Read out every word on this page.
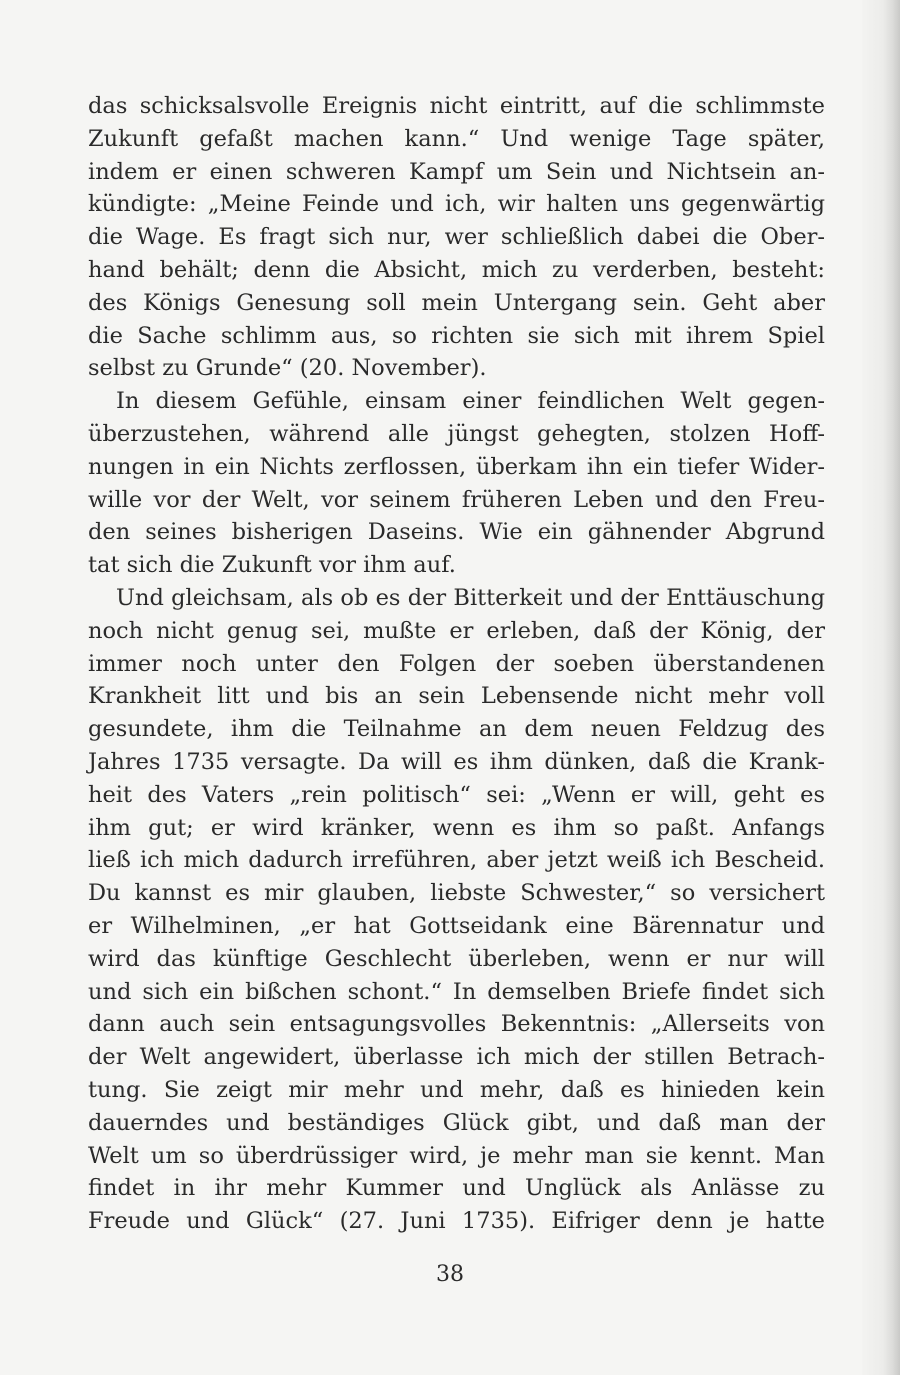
das schicksalsvolle Ereignis nicht eintritt, auf die schlimmste
Zukunft gefaßt machen kann.“ Und wenige Tage später,
indem er einen schweren Kampf um Sein und Nichtsein an-
kündigte: „Meine Feinde und ich, wir halten uns gegenwärtig
die Wage. Es fragt sich nur, wer schließlich dabei die Ober-
hand behält; denn die Absicht, mich zu verderben, besteht:
des Königs Genesung soll mein Untergang sein. Geht aber
die Sache schlimm aus, so richten sie sich mit ihrem Spiel
selbst zu Grunde“ (20. November).
In diesem Gefühle, einsam einer feindlichen Welt gegen-
überzustehen, während alle jüngst gehegten, stolzen Hoff-
nungen in ein Nichts zerflossen, überkam ihn ein tiefer Wider-
wille vor der Welt, vor seinem früheren Leben und den Freu-
den seines bisherigen Daseins. Wie ein gähnender Abgrund
tat sich die Zukunft vor ihm auf.
Und gleichsam, als ob es der Bitterkeit und der Enttäuschung
noch nicht genug sei, mußte er erleben, daß der König, der
immer noch unter den Folgen der soeben überstandenen
Krankheit litt und bis an sein Lebensende nicht mehr voll
gesundete, ihm die Teilnahme an dem neuen Feldzug des
Jahres 1735 versagte. Da will es ihm dünken, daß die Krank-
heit des Vaters „rein politisch“ sei: „Wenn er will, geht es
ihm gut; er wird kränker, wenn es ihm so paßt. Anfangs
ließ ich mich dadurch irreführen, aber jetzt weiß ich Bescheid.
Du kannst es mir glauben, liebste Schwester,“ so versichert
er Wilhelminen, „er hat Gottseidank eine Bärennatur und
wird das künftige Geschlecht überleben, wenn er nur will
und sich ein bißchen schont.“ In demselben Briefe findet sich
dann auch sein entsagungsvolles Bekenntnis: „Allerseits von
der Welt angewidert, überlasse ich mich der stillen Betrach-
tung. Sie zeigt mir mehr und mehr, daß es hinieden kein
dauerndes und beständiges Glück gibt, und daß man der
Welt um so überdrüssiger wird, je mehr man sie kennt. Man
findet in ihr mehr Kummer und Unglück als Anlässe zu
Freude und Glück“ (27. Juni 1735). Eifriger denn je hatte
38
